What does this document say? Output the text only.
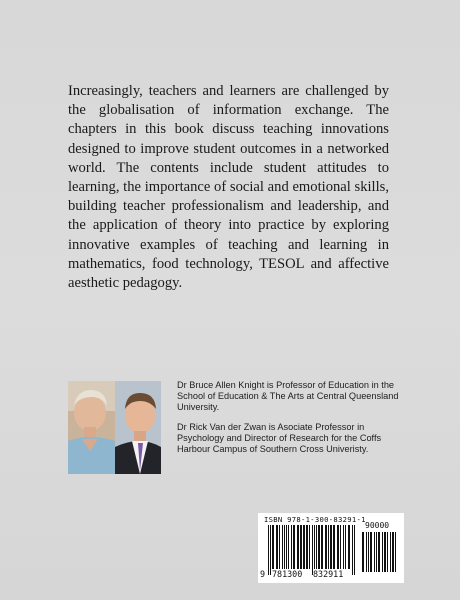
Increasingly, teachers and learners are challenged by the globalisation of information exchange. The chapters in this book discuss teaching innovations designed to improve student outcomes in a networked world. The contents include student attitudes to learning, the importance of social and emotional skills, building teacher professionalism and leadership, and the application of theory into practice by exploring innovative examples of teaching and learning in mathematics, food technology, TESOL and affective aesthetic pedagogy.

Dr Bruce Allen Knight is Professor of Education in the School of Education & The Arts at Central Queensland University.

Dr Rick Van der Zwan is Asociate Professor in Psychology and Director of Research for the Coffs Harbour Campus of Southern Cross Univeristy.

ISBN 978-1-300-83291-1
90000
9 781300 832911
